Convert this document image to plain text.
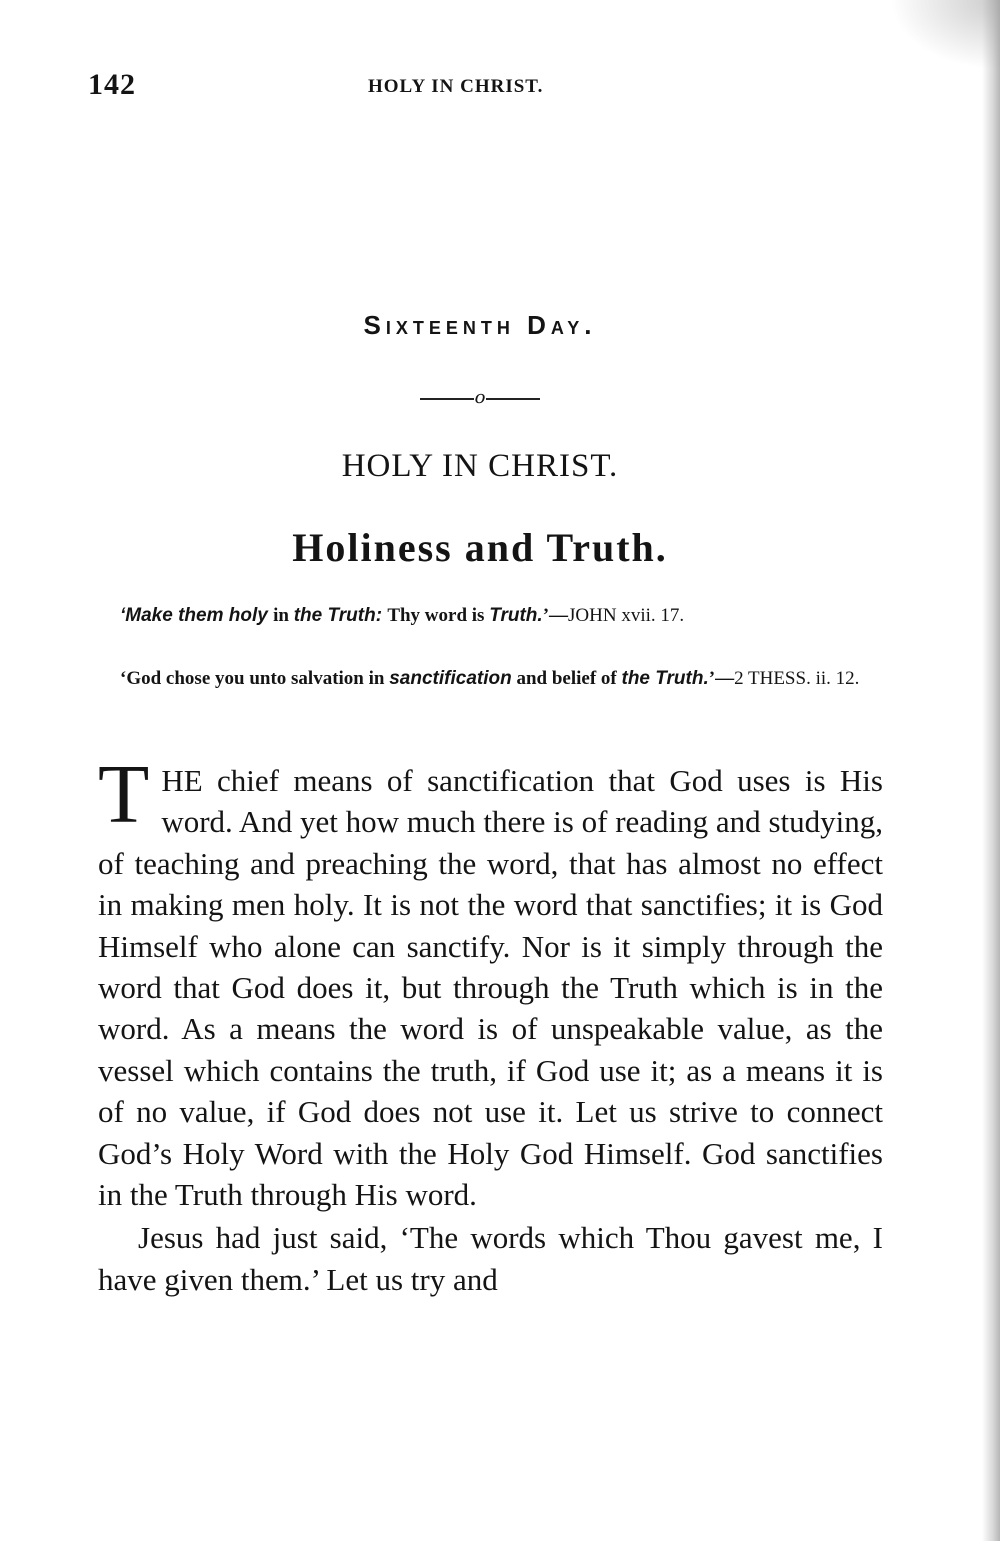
142	HOLY IN CHRIST.
Sixteenth Day.
o
HOLY IN CHRIST.
Holiness and Truth.
‘Make them holy in the Truth: Thy word is Truth.’—JOHN xvii. 17.
‘God chose you unto salvation in sanctification and belief of the Truth.’—2 THESS. ii. 12.

THE chief means of sanctification that God uses is His word. And yet how much there is of reading and studying, of teaching and preaching the word, that has almost no effect in making men holy. It is not the word that sanctifies; it is God Himself who alone can sanctify. Nor is it simply through the word that God does it, but through the Truth which is in the word. As a means the word is of unspeakable value, as the vessel which contains the truth, if God use it; as a means it is of no value, if God does not use it. Let us strive to connect God’s Holy Word with the Holy God Himself. God sanctifies in the Truth through His word.

Jesus had just said, ‘The words which Thou gavest me, I have given them.’ Let us try and
